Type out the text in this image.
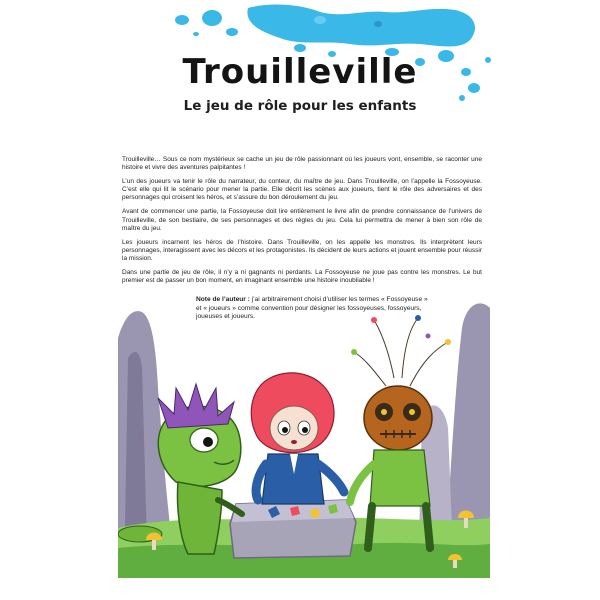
Trouilleville
Le jeu de rôle pour les enfants

Trouilleville… Sous ce nom mystérieux se cache un jeu de rôle passionnant où les joueurs vont, ensemble, se raconter une histoire et vivre des aventures palpitantes !

L’un des joueurs va tenir le rôle du narrateur, du conteur, du maître de jeu. Dans Trouilleville, on l’appelle la Fossoyeuse. C’est elle qui lit le scénario pour mener la partie. Elle décrit les scènes aux joueurs, tient le rôle des adversaires et des personnages qui croisent les héros, et s’assure du bon déroulement du jeu.

Avant de commencer une partie, la Fossoyeuse doit lire entièrement le livre afin de prendre connaissance de l’univers de Trouilleville, de son bestiaire, de ses personnages et des règles du jeu. Cela lui permettra de mener à bien son rôle de maître du jeu.

Les joueurs incarnent les héros de l’histoire. Dans Trouilleville, on les appelle les monstres. Ils interprètent leurs personnages, interagissent avec les décors et les protagonistes. Ils décident de leurs actions et jouent ensemble pour réussir la mission.

Dans une partie de jeu de rôle, il n’y a ni gagnants ni perdants. La Fossoyeuse ne joue pas contre les monstres. Le but premier est de passer un bon moment, en imaginant ensemble une histoire inoubliable !

Note de l’auteur : j’ai arbitrairement choisi d’utiliser les termes « Fossoyeuse » et « joueurs » comme convention pour désigner les fossoyeuses, fossoyeurs, joueuses et joueurs.
